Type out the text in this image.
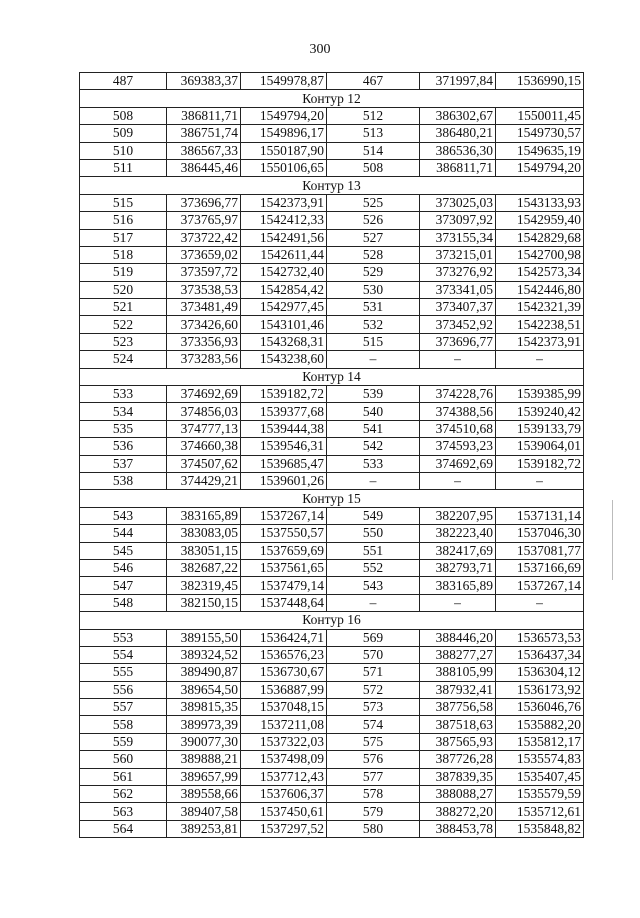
300
487	369383,37	1549978,87	467	371997,84	1536990,15
Контур 12					
508	386811,71	1549794,20	512	386302,67	1550011,45
509	386751,74	1549896,17	513	386480,21	1549730,57
510	386567,33	1550187,90	514	386536,30	1549635,19
511	386445,46	1550106,65	508	386811,71	1549794,20
Контур 13					
515	373696,77	1542373,91	525	373025,03	1543133,93
516	373765,97	1542412,33	526	373097,92	1542959,40
517	373722,42	1542491,56	527	373155,34	1542829,68
518	373659,02	1542611,44	528	373215,01	1542700,98
519	373597,72	1542732,40	529	373276,92	1542573,34
520	373538,53	1542854,42	530	373341,05	1542446,80
521	373481,49	1542977,45	531	373407,37	1542321,39
522	373426,60	1543101,46	532	373452,92	1542238,51
523	373356,93	1543268,31	515	373696,77	1542373,91
524	373283,56	1543238,60	–	–	–
Контур 14					
533	374692,69	1539182,72	539	374228,76	1539385,99
534	374856,03	1539377,68	540	374388,56	1539240,42
535	374777,13	1539444,38	541	374510,68	1539133,79
536	374660,38	1539546,31	542	374593,23	1539064,01
537	374507,62	1539685,47	533	374692,69	1539182,72
538	374429,21	1539601,26	–	–	–
Контур 15					
543	383165,89	1537267,14	549	382207,95	1537131,14
544	383083,05	1537550,57	550	382223,40	1537046,30
545	383051,15	1537659,69	551	382417,69	1537081,77
546	382687,22	1537561,65	552	382793,71	1537166,69
547	382319,45	1537479,14	543	383165,89	1537267,14
548	382150,15	1537448,64	–	–	–
Контур 16					
553	389155,50	1536424,71	569	388446,20	1536573,53
554	389324,52	1536576,23	570	388277,27	1536437,34
555	389490,87	1536730,67	571	388105,99	1536304,12
556	389654,50	1536887,99	572	387932,41	1536173,92
557	389815,35	1537048,15	573	387756,58	1536046,76
558	389973,39	1537211,08	574	387518,63	1535882,20
559	390077,30	1537322,03	575	387565,93	1535812,17
560	389888,21	1537498,09	576	387726,28	1535574,83
561	389657,99	1537712,43	577	387839,35	1535407,45
562	389558,66	1537606,37	578	388088,27	1535579,59
563	389407,58	1537450,61	579	388272,20	1535712,61
564	389253,81	1537297,52	580	388453,78	1535848,82
